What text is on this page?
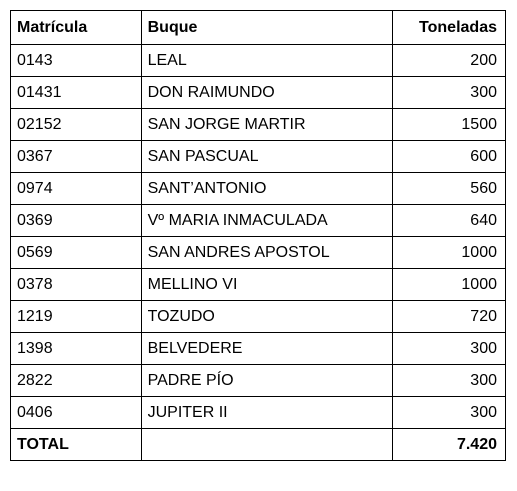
Matrícula	Buque	Toneladas
0143	LEAL	200
01431	DON RAIMUNDO	300
02152	SAN JORGE MARTIR	1500
0367	SAN PASCUAL	600
0974	SANT’ANTONIO	560
0369	Vº MARIA INMACULADA	640
0569	SAN ANDRES APOSTOL	1000
0378	MELLINO VI	1000
1219	TOZUDO	720
1398	BELVEDERE	300
2822	PADRE PÍO	300
0406	JUPITER II	300
TOTAL		7.420
